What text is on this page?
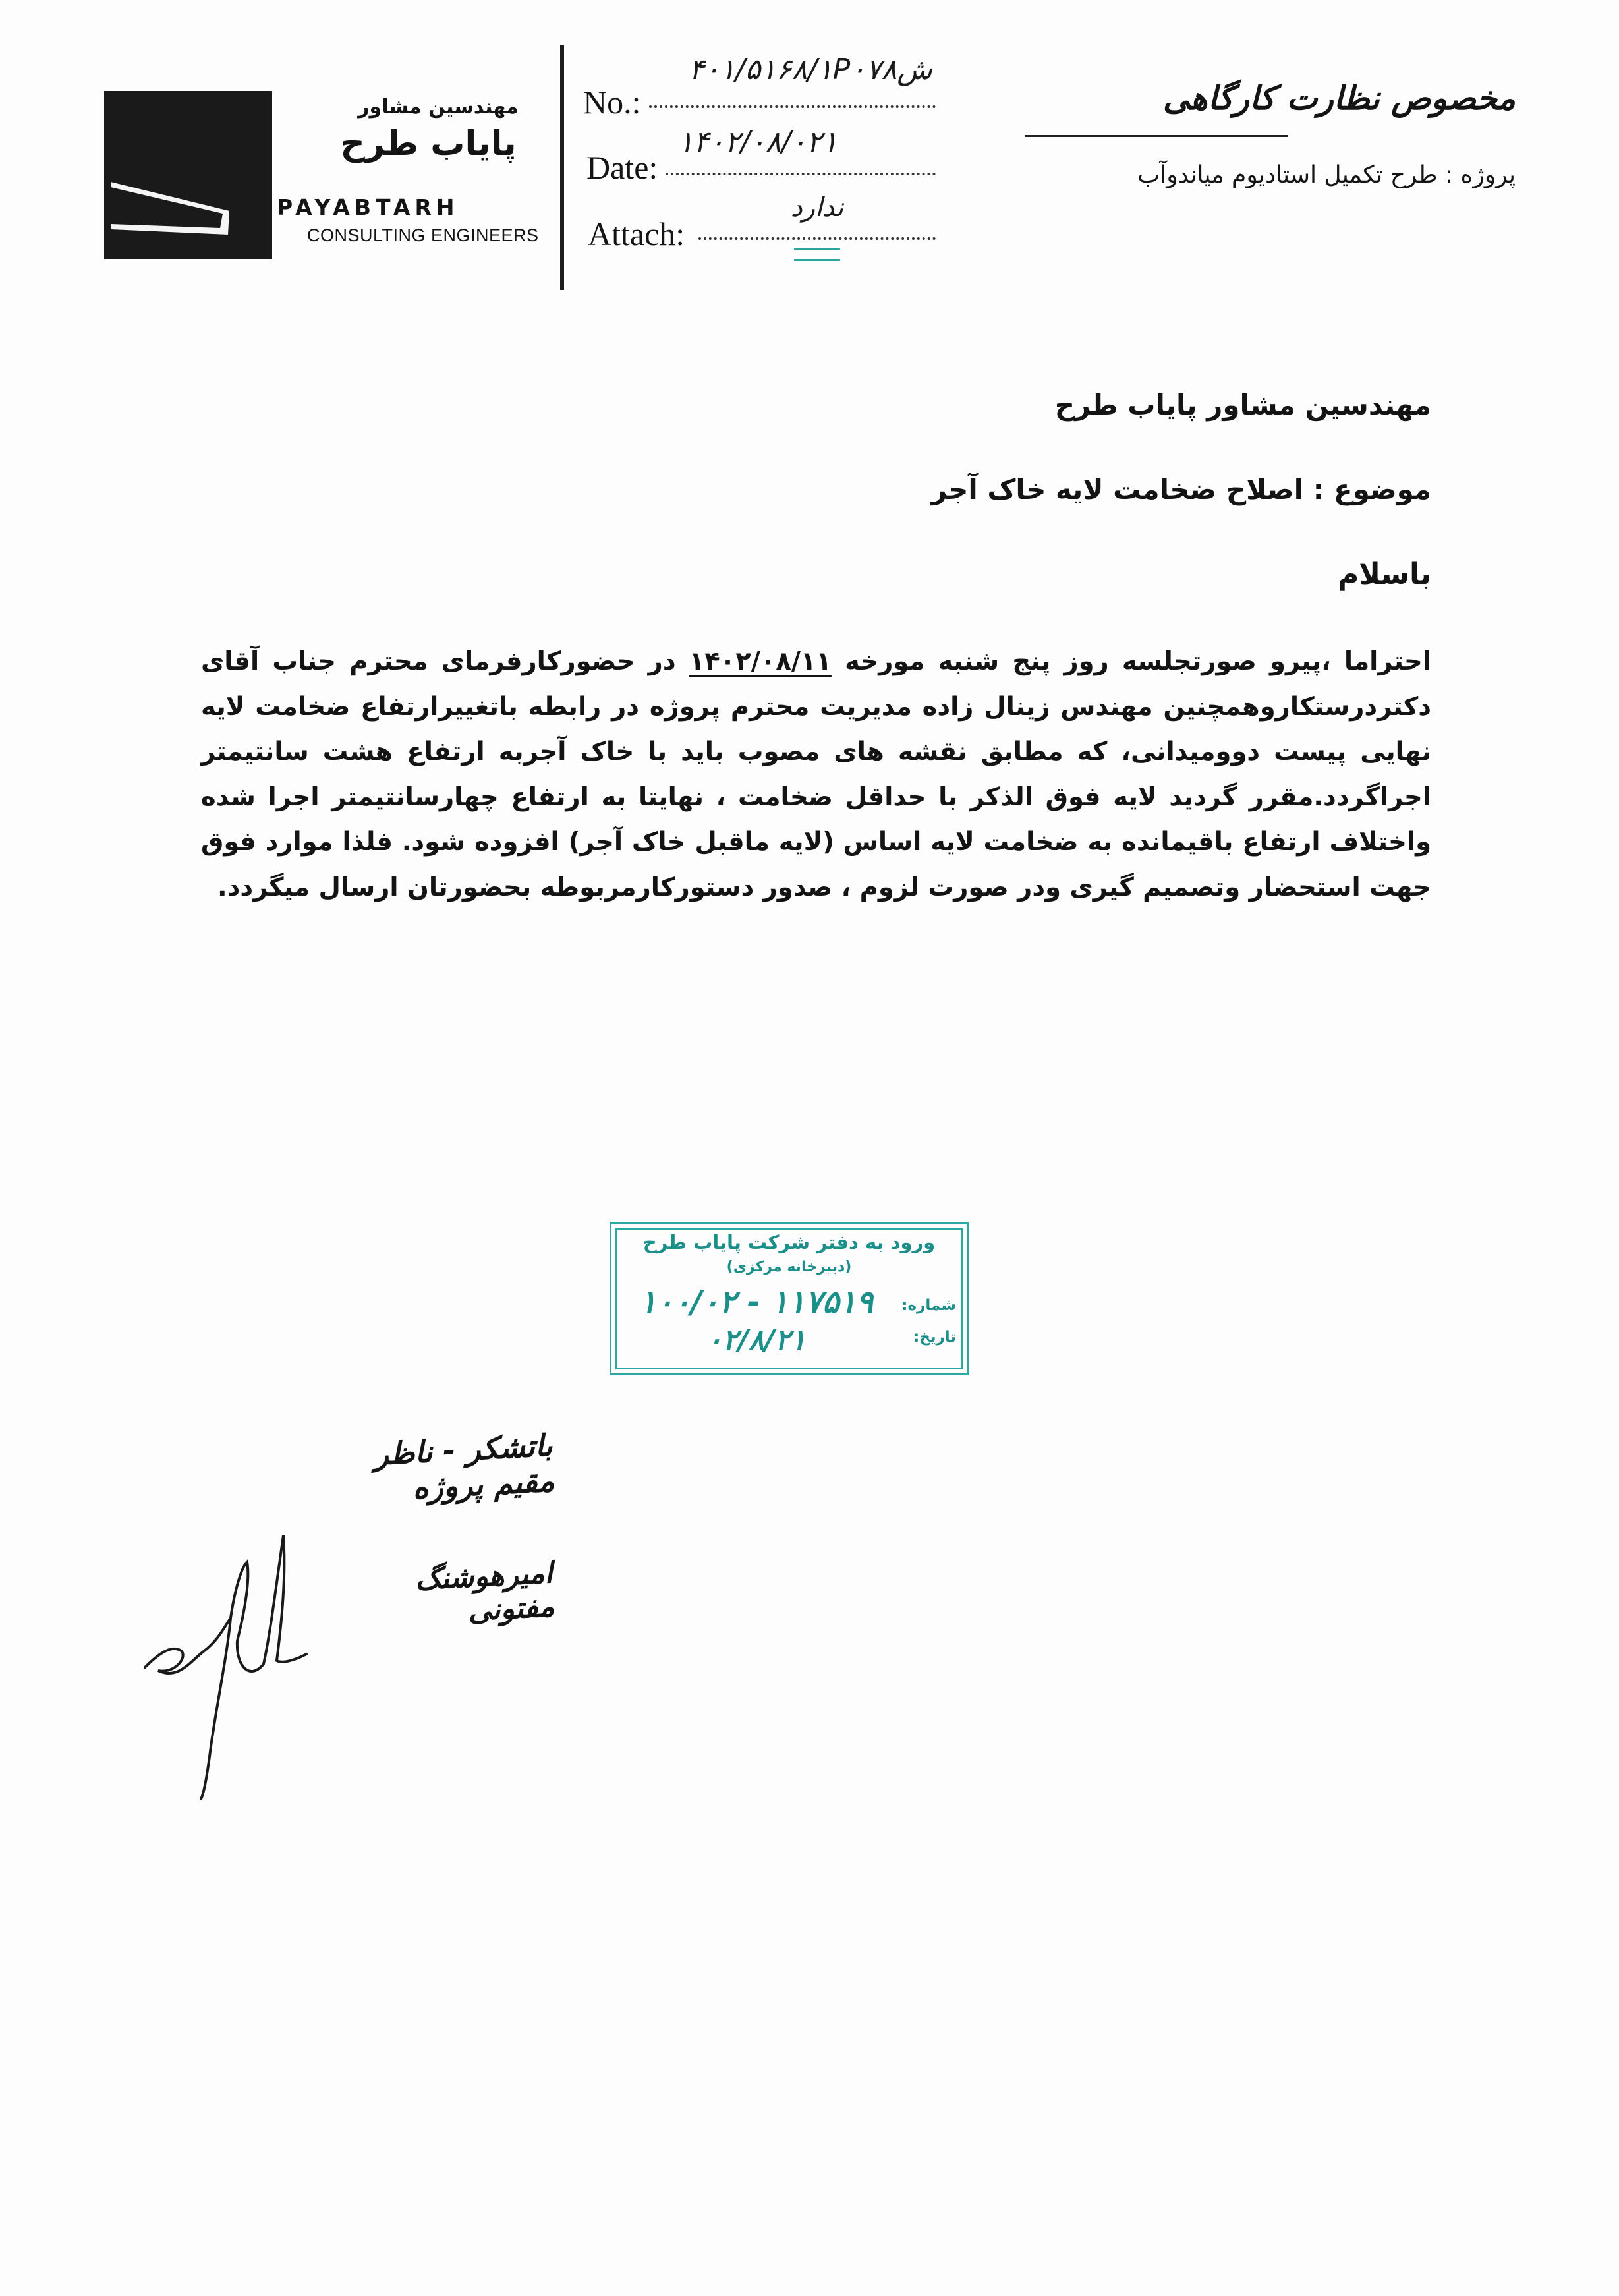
مهندسین مشاور
پایاب طرح
PAYABTARH
CONSULTING ENGINEERS
No.:
۴۰۱/۵۱۶۸/۱P۰۷۸ش
Date:
۱۴۰۲/۰۸/۰۲۱
Attach:
ندارد
مخصوص نظارت کارگاهی
پروژه : طرح تکمیل استادیوم میاندوآب
مهندسین مشاور پایاب طرح
موضوع : اصلاح ضخامت لایه خاک آجر
باسلام
احتراما ،پیرو صورتجلسه روز پنج شنبه مورخه ۱۴۰۲/۰۸/۱۱ در حضورکارفرمای محترم جناب آقای دکتردرستکاروهمچنین مهندس زینال زاده مدیریت محترم پروژه در رابطه باتغییرارتفاع ضخامت لایه نهایی پیست دوومیدانی، که مطابق نقشه های مصوب باید با خاک آجربه ارتفاع هشت سانتیمتر اجراگردد.مقرر گردید لایه فوق الذکر با حداقل ضخامت ، نهایتا به ارتفاع چهارسانتیمتر اجرا شده واختلاف ارتفاع باقیمانده به ضخامت لایه اساس (لایه ماقبل خاک آجر) افزوده شود. فلذا موارد فوق جهت استحضار وتصمیم گیری ودر صورت لزوم ، صدور دستورکارمربوطه بحضورتان ارسال میگردد.
ورود به دفتر شرکت پایاب طرح
(دبیرخانه مرکزی)
شماره:
تاریخ:
۱۰۰/۰۲ - ۱۱۷۵۱۹
۰۲/۸/۲۱
باتشکر - ناظر مقیم پروژه
امیرهوشنگ مفتونی
